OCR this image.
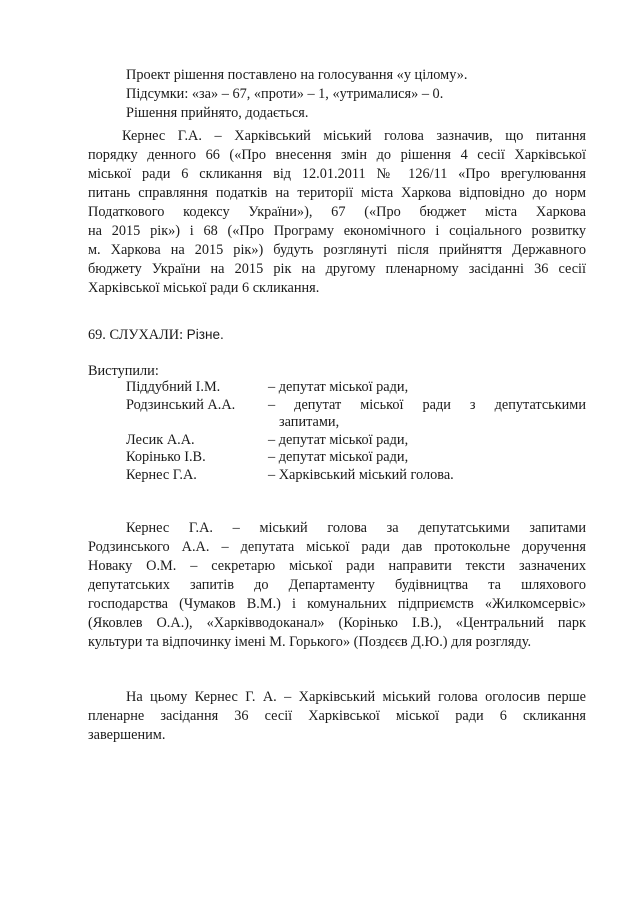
Проект рішення поставлено на голосування «у цілому».
Підсумки: «за» – 67, «проти» – 1, «утрималися» – 0.
Рішення прийнято, додається.
Кернес Г.А. – Харківський міський голова зазначив, що питання
порядку денного 66 («Про внесення змін до рішення 4 сесії Харківської
міської ради 6 скликання від 12.01.2011 № 126/11 «Про врегулювання
питань справляння податків на території міста Харкова відповідно до норм
Податкового кодексу України»), 67 («Про бюджет міста Харкова
на 2015 рік») і 68 («Про Програму економічного і соціального розвитку
м. Харкова на 2015 рік») будуть розглянуті після прийняття Державного
бюджету України на 2015 рік на другому пленарному засіданні 36 сесії
Харківської міської ради 6 скликання.
69. СЛУХАЛИ: Різне.
Виступили:
Піддубний І.М.	– депутат міської ради,
Родзинський А.А. – депутат міської ради з депутатськими
запитами,
Лесик А.А.	– депутат міської ради,
Корінько І.В.	– депутат міської ради,
Кернес Г.А.	– Харківський міський голова.
Кернес Г.А. – міський голова за депутатськими запитами
Родзинського А.А. – депутата міської ради дав протокольне доручення
Новаку О.М. – секретарю міської ради направити тексти зазначених
депутатських запитів до Департаменту будівництва та шляхового
господарства (Чумаков В.М.) і комунальних підприємств «Жилкомсервіс»
(Яковлев О.А.), «Харківводоканал» (Корінько І.В.), «Центральний парк
культури та відпочинку імені М. Горького» (Поздєєв Д.Ю.) для розгляду.
На цьому Кернес Г. А. – Харківський міський голова оголосив перше
пленарне засідання 36 сесії Харківської міської ради 6 скликання
завершеним.
